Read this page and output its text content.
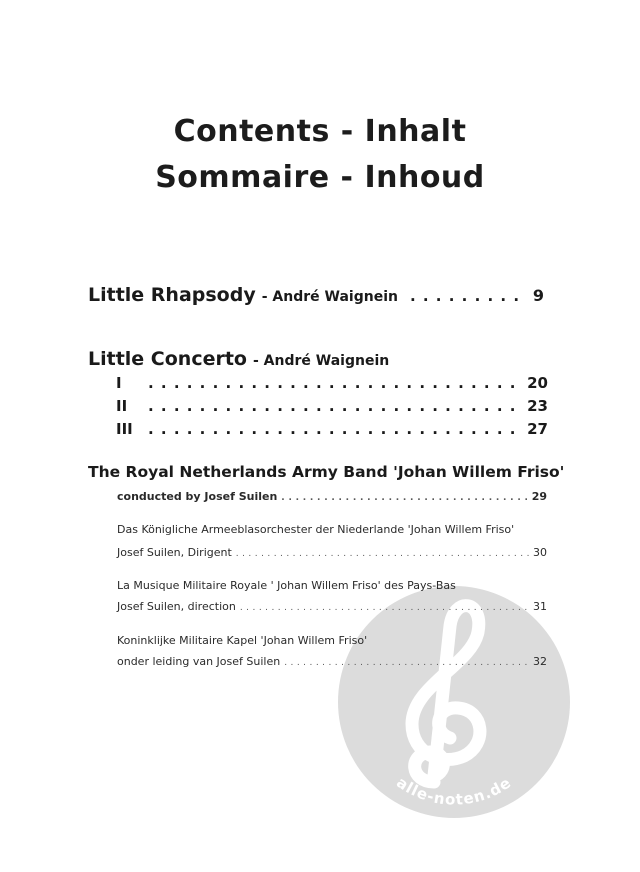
Contents - Inhalt
Sommaire - Inhoud
Little Rhapsody - André Waignein . . .	9
Little Concerto - André Waignein
I . . .	20
II . . .	23
III . . .	27
alle-noten.de
The Royal Netherlands Army Band 'Johan Willem Friso'
conducted by Josef Suilen . . .	29
Das Königliche Armeeblasorchester der Niederlande 'Johan Willem Friso'
Josef Suilen, Dirigent . . .	30
La Musique Militaire Royale ' Johan Willem Friso' des Pays-Bas
Josef Suilen, direction . . .	31
Koninklijke Militaire Kapel 'Johan Willem Friso'
onder leiding van Josef Suilen . . .	32
